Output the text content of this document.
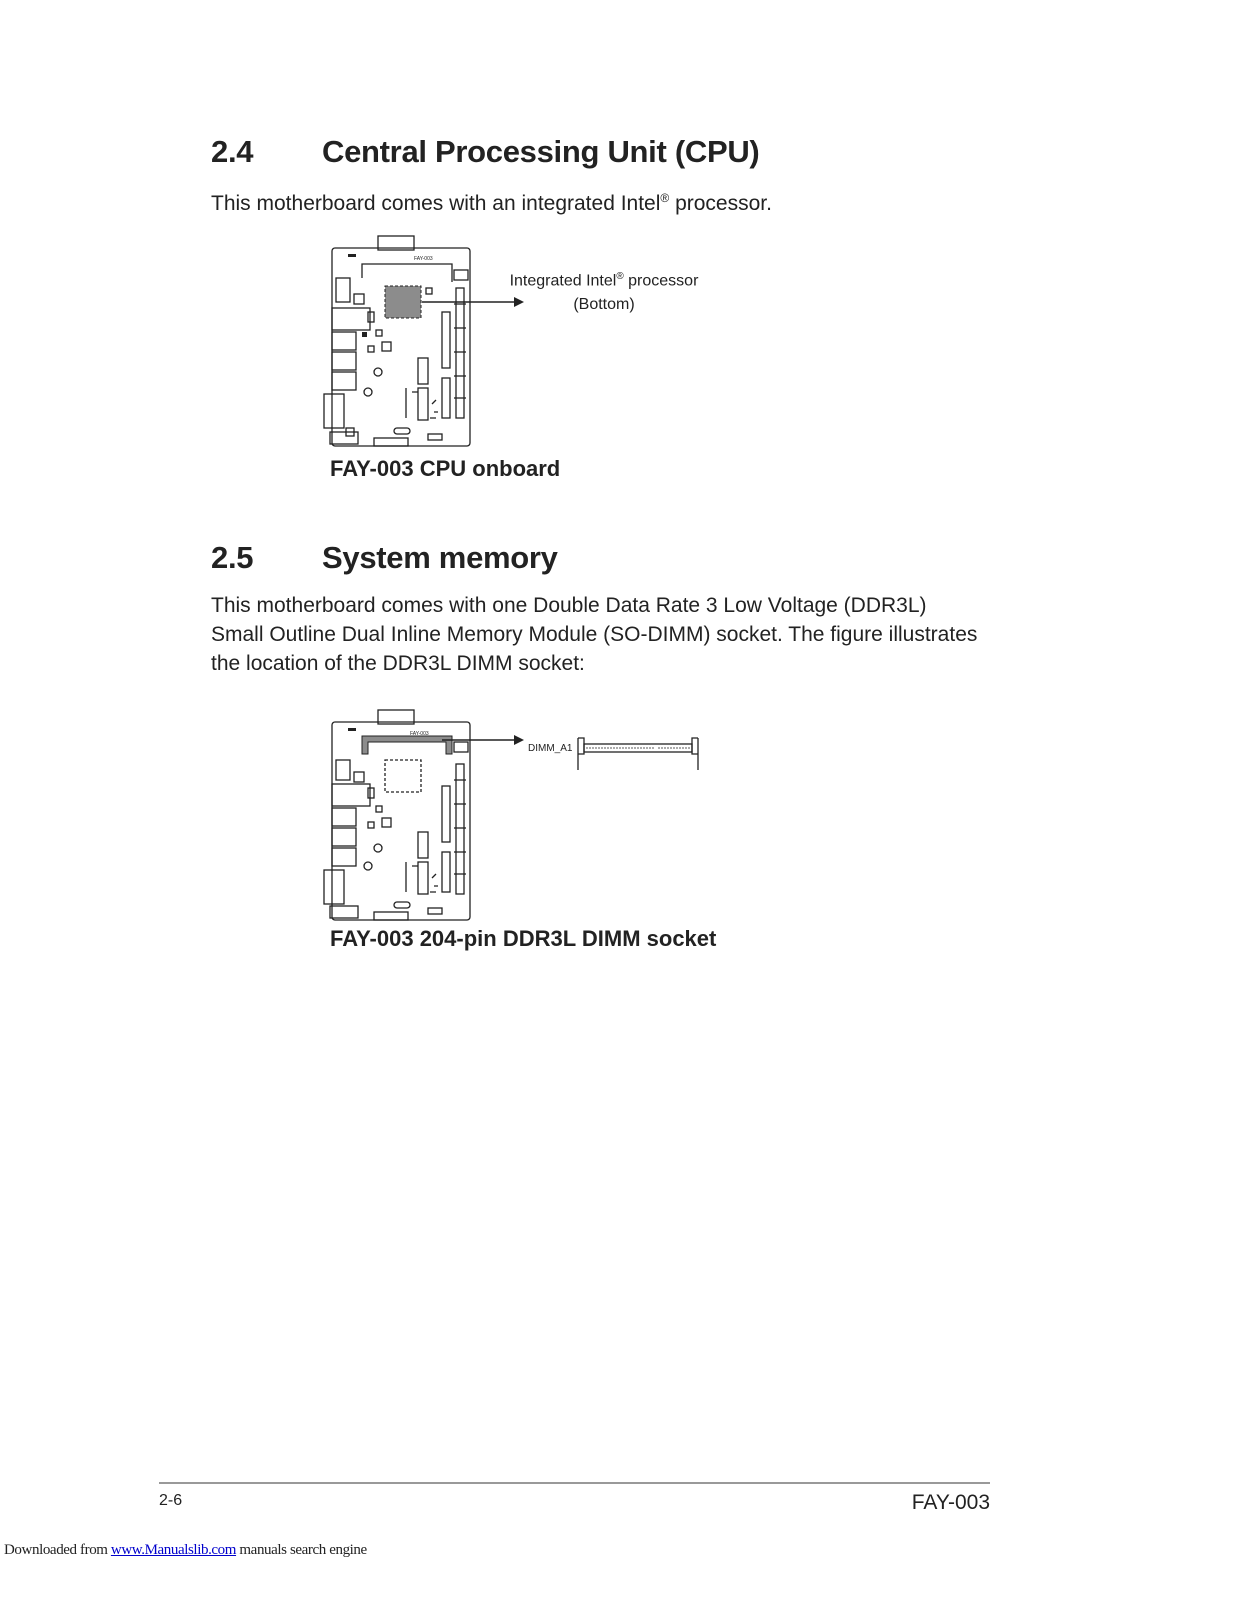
2.4 Central Processing Unit (CPU)
This motherboard comes with an integrated Intel® processor.
FAY-003
Integrated Intel® processor
(Bottom)
FAY-003 CPU onboard
2.5 System memory
This motherboard comes with one Double Data Rate 3 Low Voltage (DDR3L)
Small Outline Dual Inline Memory Module (SO-DIMM) socket. The figure illustrates
the location of the DDR3L DIMM socket:
FAY-003
DIMM_A1
FAY-003 204-pin DDR3L DIMM socket
2-6	FAY-003
Downloaded from www.Manualslib.com manuals search engine
